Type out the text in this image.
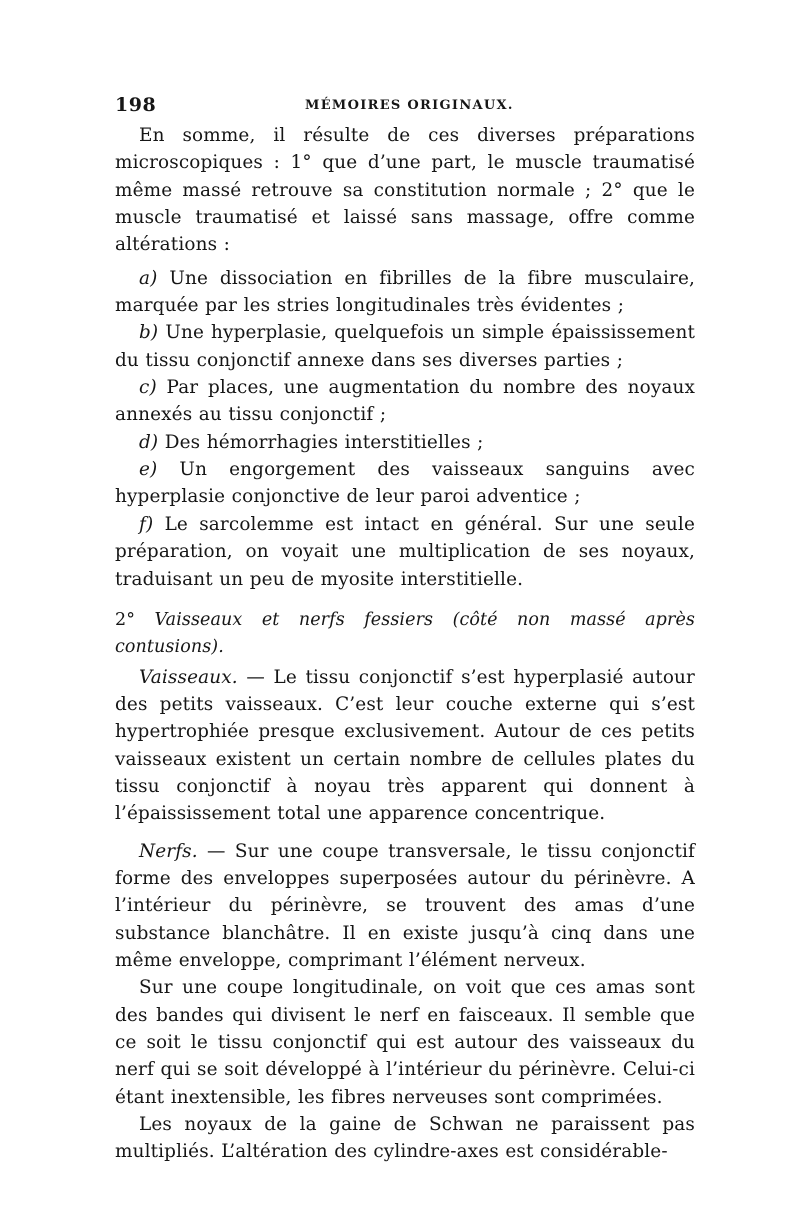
198	MÉMOIRES ORIGINAUX.

En somme, il résulte de ces diverses préparations microscopiques : 1° que d’une part, le muscle traumatisé même massé retrouve sa constitution normale ; 2° que le muscle traumatisé et laissé sans massage, offre comme altérations :

a) Une dissociation en fibrilles de la fibre musculaire, marquée par les stries longitudinales très évidentes ;

b) Une hyperplasie, quelquefois un simple épaississement du tissu conjonctif annexe dans ses diverses parties ;

c) Par places, une augmentation du nombre des noyaux annexés au tissu conjonctif ;

d) Des hémorrhagies interstitielles ;

e) Un engorgement des vaisseaux sanguins avec hyperplasie conjonctive de leur paroi adventice ;

f) Le sarcolemme est intact en général. Sur une seule préparation, on voyait une multiplication de ses noyaux, traduisant un peu de myosite interstitielle.

2° Vaisseaux et nerfs fessiers (côté non massé après contusions).

Vaisseaux. — Le tissu conjonctif s’est hyperplasié autour des petits vaisseaux. C’est leur couche externe qui s’est hypertrophiée presque exclusivement. Autour de ces petits vaisseaux existent un certain nombre de cellules plates du tissu conjonctif à noyau très apparent qui donnent à l’épaississement total une apparence concentrique.

Nerfs. — Sur une coupe transversale, le tissu conjonctif forme des enveloppes superposées autour du périnèvre. A l’intérieur du périnèvre, se trouvent des amas d’une substance blanchâtre. Il en existe jusqu’à cinq dans une même enveloppe, comprimant l’élément nerveux.

Sur une coupe longitudinale, on voit que ces amas sont des bandes qui divisent le nerf en faisceaux. Il semble que ce soit le tissu conjonctif qui est autour des vaisseaux du nerf qui se soit développé à l’intérieur du périnèvre. Celui-ci étant inextensible, les fibres nerveuses sont comprimées.

Les noyaux de la gaine de Schwan ne paraissent pas multipliés. L’altération des cylindre-axes est considérable-
